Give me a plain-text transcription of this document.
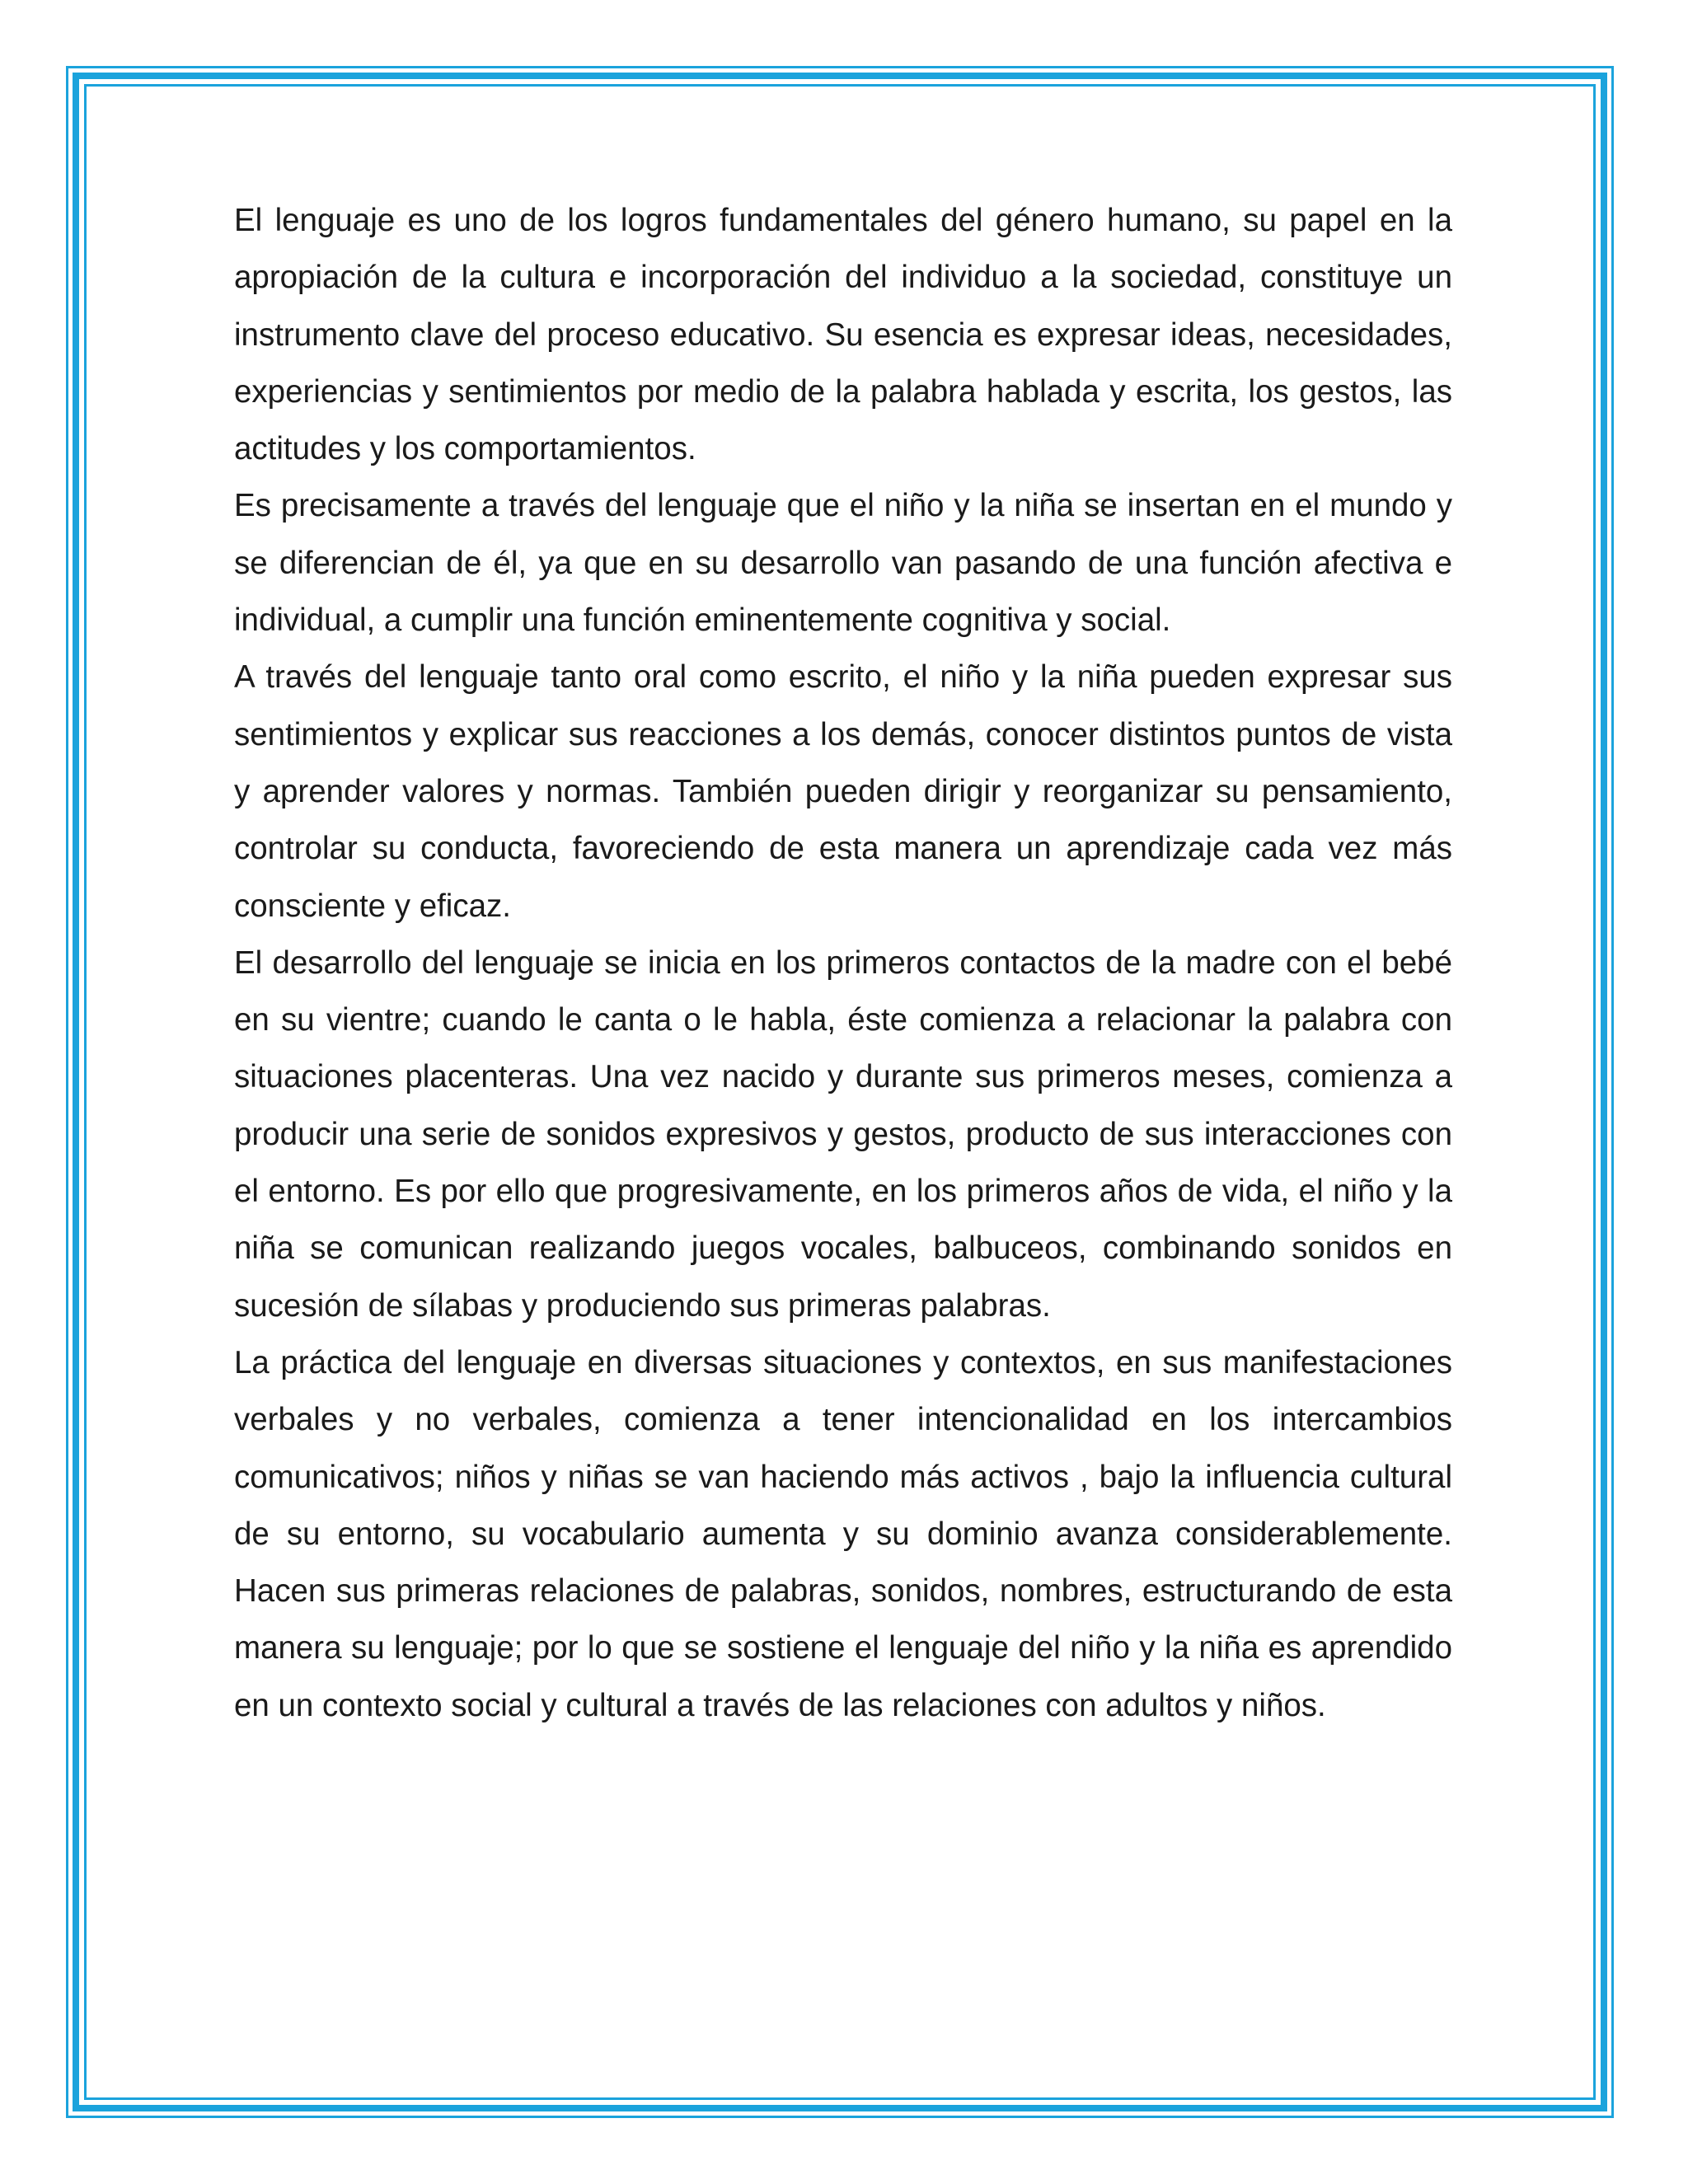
El lenguaje es uno de los logros fundamentales del género humano, su papel en la apropiación de la cultura e incorporación del individuo a la sociedad, constituye un instrumento clave del proceso educativo. Su esencia es expresar ideas, necesidades, experiencias y sentimientos por medio de la palabra hablada y escrita, los gestos, las actitudes y los comportamientos.

Es precisamente a través del lenguaje que el niño y la niña se insertan en el mundo y se diferencian de él, ya que en su desarrollo van pasando de una función afectiva e individual, a cumplir una función eminentemente cognitiva y social.

A través del lenguaje tanto oral como escrito, el niño y la niña pueden expresar sus sentimientos y explicar sus reacciones a los demás, conocer distintos puntos de vista y aprender valores y normas. También pueden dirigir y reorganizar su pensamiento, controlar su conducta, favoreciendo de esta manera un aprendizaje cada vez más consciente y eficaz.

El desarrollo del lenguaje se inicia en los primeros contactos de la madre con el bebé en su vientre; cuando le canta o le habla, éste comienza a relacionar la palabra con situaciones placenteras. Una vez nacido y durante sus primeros meses, comienza a producir una serie de sonidos expresivos y gestos, producto de sus interacciones con el entorno. Es por ello que progresivamente, en los primeros años de vida, el niño y la niña se comunican realizando juegos vocales, balbuceos, combinando sonidos en sucesión de sílabas y produciendo sus primeras palabras.

La práctica del lenguaje en diversas situaciones y contextos, en sus manifestaciones verbales y no verbales, comienza a tener intencionalidad en los intercambios comunicativos; niños y niñas se van haciendo más activos , bajo la influencia cultural de su entorno, su vocabulario aumenta y su dominio avanza considerablemente. Hacen sus primeras relaciones de palabras, sonidos, nombres, estructurando de esta manera su lenguaje; por lo que se sostiene el lenguaje del niño y la niña es aprendido en un contexto social y cultural a través de las relaciones con adultos y niños.
